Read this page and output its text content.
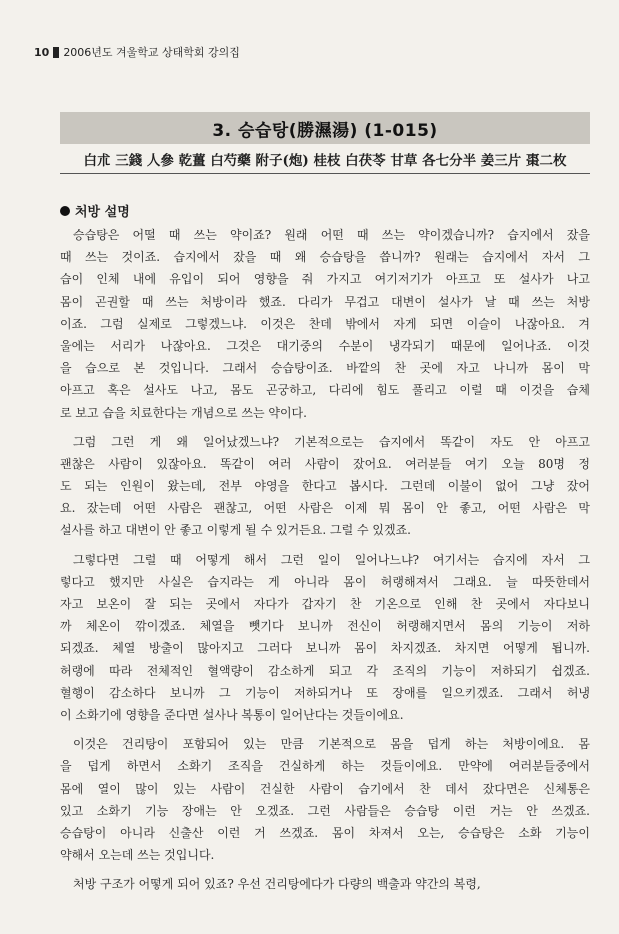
10 2006년도 겨울학교 상태학회 강의집
3. 승습탕(勝濕湯) (1-015)
白朮 三錢 人參 乾薑 白芍藥 附子(炮) 桂枝 白茯苓 甘草 各七分半 姜三片 棗二枚
처방 설명
승습탕은 어떨 때 쓰는 약이죠? 원래 어떤 때 쓰는 약이겠습니까? 습지에서 잤을
때 쓰는 것이죠. 습지에서 잤을 때 왜 승습탕을 씁니까? 원래는 습지에서 자서 그
습이 인체 내에 유입이 되어 영향을 줘 가지고 여기저기가 아프고 또 설사가 나고
몸이 곤권할 때 쓰는 처방이라 했죠. 다리가 무겁고 대변이 설사가 날 때 쓰는 처방
이죠. 그럼 실제로 그렇겠느냐. 이것은 찬데 밖에서 자게 되면 이슬이 나잖아요. 겨
울에는 서리가 나잖아요. 그것은 대기중의 수분이 냉각되기 때문에 일어나죠. 이것
을 습으로 본 것입니다. 그래서 승습탕이죠. 바깥의 찬 곳에 자고 나니까 몸이 막
아프고 혹은 설사도 나고, 몸도 곤궁하고, 다리에 힘도 풀리고 이럴 때 이것을 습체
로 보고 습을 치료한다는 개념으로 쓰는 약이다.
그럼 그런 게 왜 일어났겠느냐? 기본적으로는 습지에서 똑같이 자도 안 아프고
괜찮은 사람이 있잖아요. 똑같이 여러 사람이 잤어요. 여러분들 여기 오늘 80명 정
도 되는 인원이 왔는데, 전부 야영을 한다고 봅시다. 그런데 이불이 없어 그냥 잤어
요. 잤는데 어떤 사람은 괜찮고, 어떤 사람은 이제 뭐 몸이 안 좋고, 어떤 사람은 막
설사를 하고 대변이 안 좋고 이렇게 될 수 있거든요. 그럴 수 있겠죠.
그렇다면 그럴 때 어떻게 해서 그런 일이 일어나느냐? 여기서는 습지에 자서 그
렇다고 했지만 사실은 습지라는 게 아니라 몸이 허랭해져서 그래요. 늘 따뜻한데서
자고 보온이 잘 되는 곳에서 자다가 갑자기 찬 기온으로 인해 찬 곳에서 자다보니
까 체온이 깎이겠죠. 체열을 뺏기다 보니까 전신이 허랭해지면서 몸의 기능이 저하
되겠죠. 체열 방출이 많아지고 그러다 보니까 몸이 차지겠죠. 차지면 어떻게 됩니까.
허랭에 따라 전체적인 혈액량이 감소하게 되고 각 조직의 기능이 저하되기 쉽겠죠.
혈행이 감소하다 보니까 그 기능이 저하되거나 또 장애를 일으키겠죠. 그래서 허냉
이 소화기에 영향을 준다면 설사나 복통이 일어난다는 것들이에요.
이것은 건리탕이 포함되어 있는 만큼 기본적으로 몸을 덥게 하는 처방이에요. 몸
을 덥게 하면서 소화기 조직을 건실하게 하는 것들이에요. 만약에 여러분들중에서
몸에 열이 많이 있는 사람이 건실한 사람이 습기에서 찬 데서 잤다면은 신체통은
있고 소화기 기능 장애는 안 오겠죠. 그런 사람들은 승습탕 이런 거는 안 쓰겠죠.
승습탕이 아니라 신출산 이런 거 쓰겠죠. 몸이 차져서 오는, 승습탕은 소화 기능이
약해서 오는데 쓰는 것입니다.
처방 구조가 어떻게 되어 있죠? 우선 건리탕에다가 다량의 백출과 약간의 복령,
